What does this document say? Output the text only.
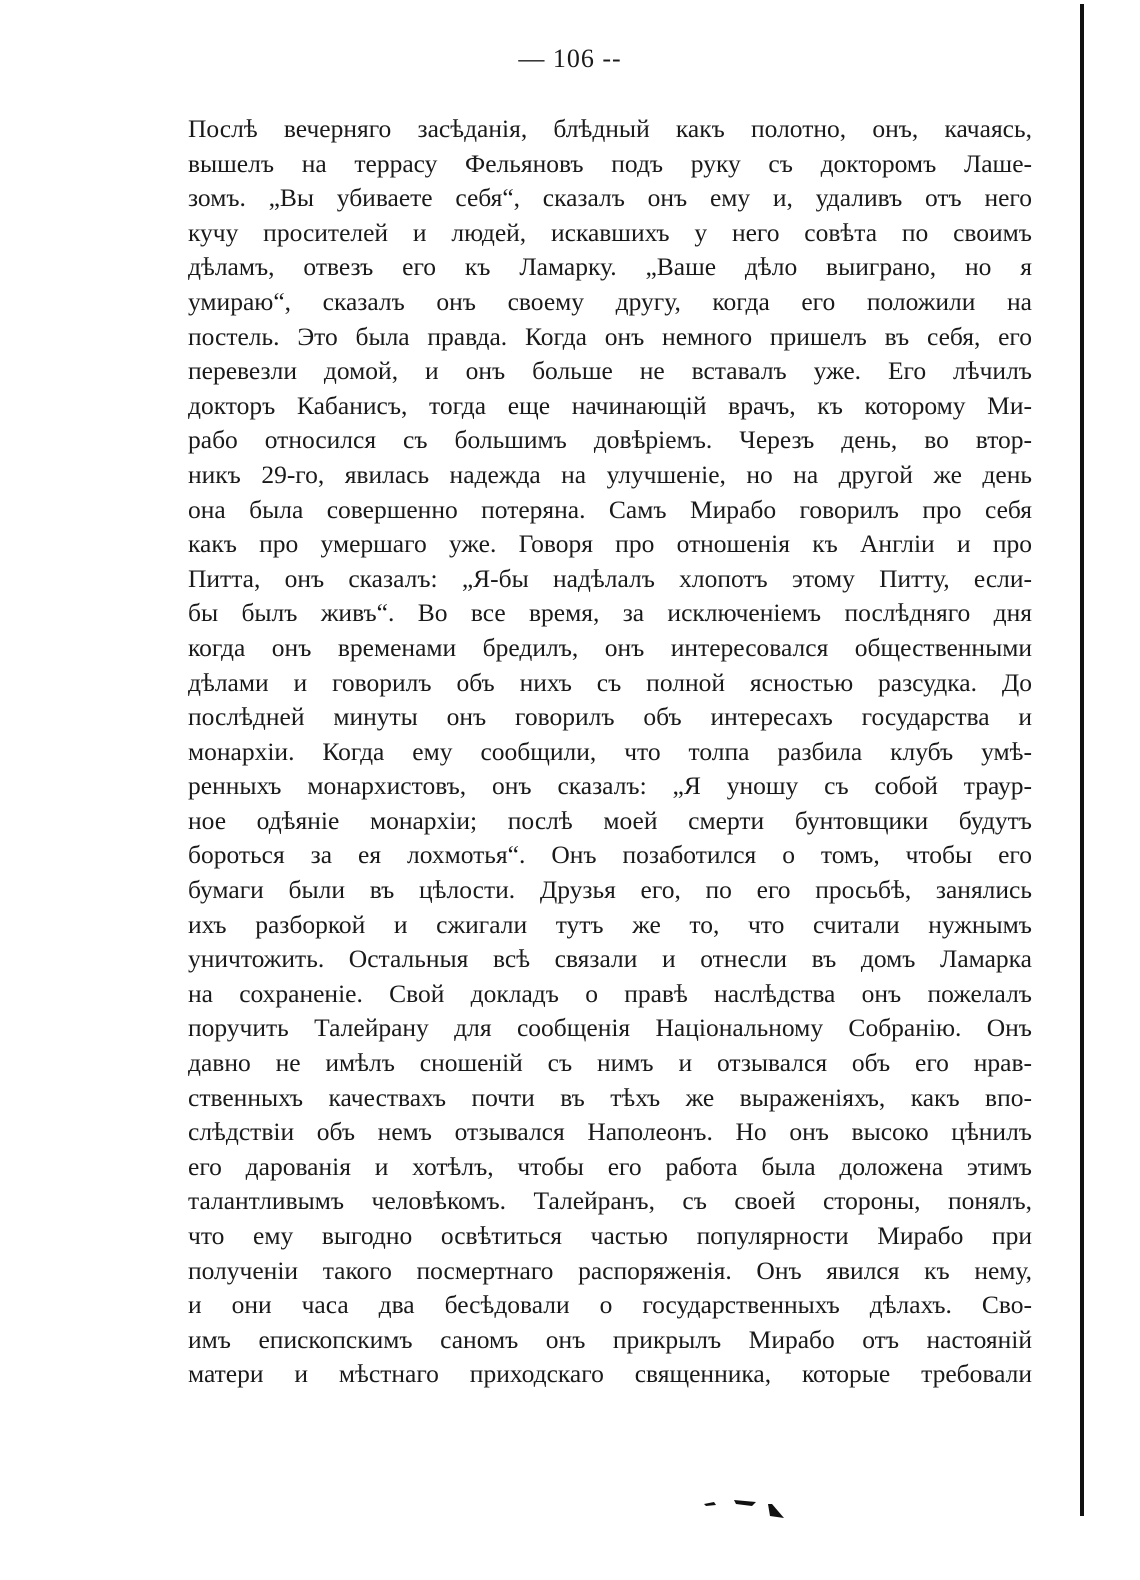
— 106 --
Послѣ вечерняго засѣданія, блѣдный какъ полотно, онъ, качаясь,
вышелъ на террасу Фельяновъ подъ руку съ докторомъ Лаше-
зомъ. „Вы убиваете себя“, сказалъ онъ ему и, удаливъ отъ него
кучу просителей и людей, искавшихъ у него совѣта по своимъ
дѣламъ, отвезъ его къ Ламарку. „Ваше дѣло выиграно, но я
умираю“, сказалъ онъ своему другу, когда его положили на
постель. Это была правда. Когда онъ немного пришелъ въ себя, его
перевезли домой, и онъ больше не вставалъ уже. Его лѣчилъ
докторъ Кабанисъ, тогда еще начинающій врачъ, къ которому Ми-
рабо относился съ большимъ довѣріемъ. Черезъ день, во втор-
никъ 29-го, явилась надежда на улучшеніе, но на другой же день
она была совершенно потеряна. Самъ Мирабо говорилъ про себя
какъ про умершаго уже. Говоря про отношенія къ Англіи и про
Питта, онъ сказалъ: „Я-бы надѣлалъ хлопотъ этому Питту, если-
бы былъ живъ“. Во все время, за исключеніемъ послѣдняго дня
когда онъ временами бредилъ, онъ интересовался общественными
дѣлами и говорилъ объ нихъ съ полной ясностью разсудка. До
послѣдней минуты онъ говорилъ объ интересахъ государства и
монархіи. Когда ему сообщили, что толпа разбила клубъ умѣ-
ренныхъ монархистовъ, онъ сказалъ: „Я уношу съ собой траур-
ное одѣяніе монархіи; послѣ моей смерти бунтовщики будутъ
бороться за ея лохмотья“. Онъ позаботился о томъ, чтобы его
бумаги были въ цѣлости. Друзья его, по его просьбѣ, занялись
ихъ разборкой и сжигали тутъ же то, что считали нужнымъ
уничтожить. Остальныя всѣ связали и отнесли въ домъ Ламарка
на сохраненіе. Свой докладъ о правѣ наслѣдства онъ пожелалъ
поручить Талейрану для сообщенія Національному Собранію. Онъ
давно не имѣлъ сношеній съ нимъ и отзывался объ его нрав-
ственныхъ качествахъ почти въ тѣхъ же выраженіяхъ, какъ впо-
слѣдствіи объ немъ отзывался Наполеонъ. Но онъ высоко цѣнилъ
его дарованія и хотѣлъ, чтобы его работа была доложена этимъ
талантливымъ человѣкомъ. Талейранъ, съ своей стороны, понялъ,
что ему выгодно освѣтиться частью популярности Мирабо при
полученіи такого посмертнаго распоряженія. Онъ явился къ нему,
и они часа два бесѣдовали о государственныхъ дѣлахъ. Сво-
имъ епископскимъ саномъ онъ прикрылъ Мирабо отъ настояній
матери и мѣстнаго приходскаго священника, которые требовали
